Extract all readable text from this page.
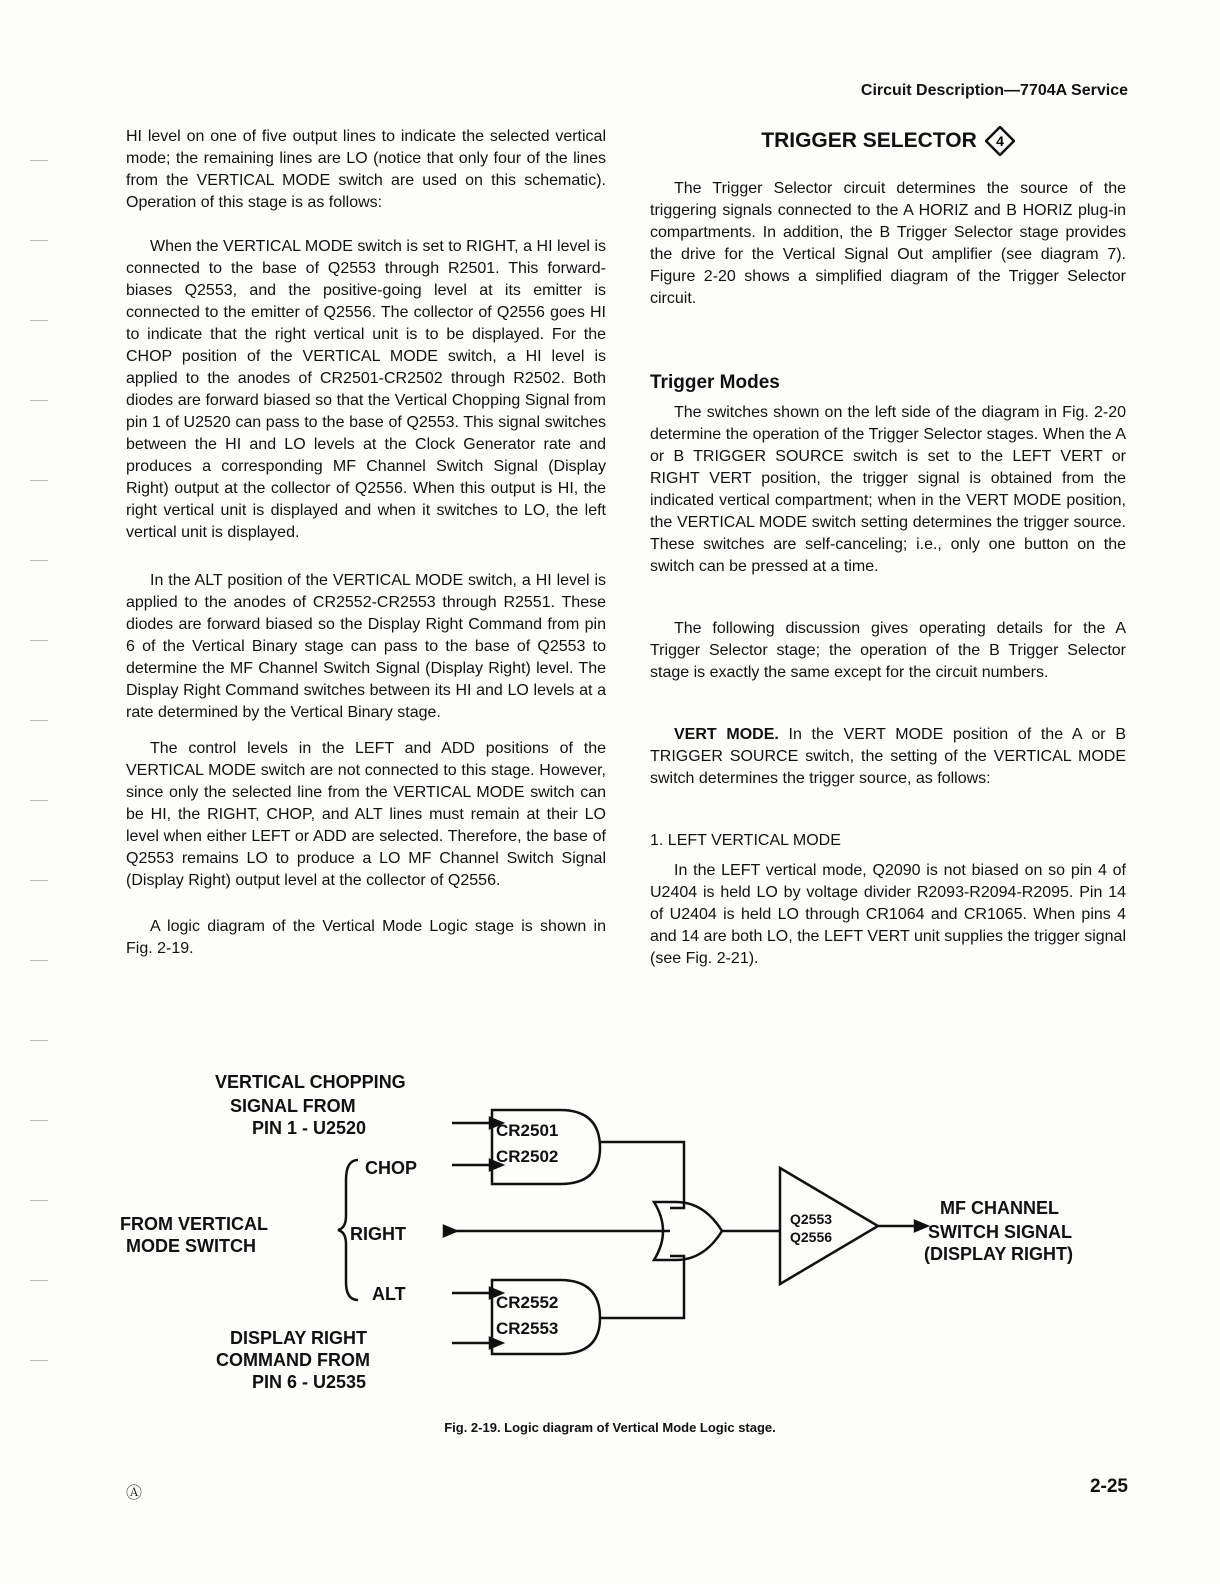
Circuit Description—7704A Service

HI level on one of five output lines to indicate the selected vertical mode; the remaining lines are LO (notice that only four of the lines from the VERTICAL MODE switch are used on this schematic). Operation of this stage is as follows:

When the VERTICAL MODE switch is set to RIGHT, a HI level is connected to the base of Q2553 through R2501. This forward-biases Q2553, and the positive-going level at its emitter is connected to the emitter of Q2556. The collector of Q2556 goes HI to indicate that the right vertical unit is to be displayed. For the CHOP position of the VERTICAL MODE switch, a HI level is applied to the anodes of CR2501-CR2502 through R2502. Both diodes are forward biased so that the Vertical Chopping Signal from pin 1 of U2520 can pass to the base of Q2553. This signal switches between the HI and LO levels at the Clock Generator rate and produces a corresponding MF Channel Switch Signal (Display Right) output at the collector of Q2556. When this output is HI, the right vertical unit is displayed and when it switches to LO, the left vertical unit is displayed.

In the ALT position of the VERTICAL MODE switch, a HI level is applied to the anodes of CR2552-CR2553 through R2551. These diodes are forward biased so the Display Right Command from pin 6 of the Vertical Binary stage can pass to the base of Q2553 to determine the MF Channel Switch Signal (Display Right) level. The Display Right Command switches between its HI and LO levels at a rate determined by the Vertical Binary stage.

The control levels in the LEFT and ADD positions of the VERTICAL MODE switch are not connected to this stage. However, since only the selected line from the VERTICAL MODE switch can be HI, the RIGHT, CHOP, and ALT lines must remain at their LO level when either LEFT or ADD are selected. Therefore, the base of Q2553 remains LO to produce a LO MF Channel Switch Signal (Display Right) output level at the collector of Q2556.

A logic diagram of the Vertical Mode Logic stage is shown in Fig. 2-19.

TRIGGER SELECTOR 4

The Trigger Selector circuit determines the source of the triggering signals connected to the A HORIZ and B HORIZ plug-in compartments. In addition, the B Trigger Selector stage provides the drive for the Vertical Signal Out amplifier (see diagram 7). Figure 2-20 shows a simplified diagram of the Trigger Selector circuit.

Trigger Modes

The switches shown on the left side of the diagram in Fig. 2-20 determine the operation of the Trigger Selector stages. When the A or B TRIGGER SOURCE switch is set to the LEFT VERT or RIGHT VERT position, the trigger signal is obtained from the indicated vertical compartment; when in the VERT MODE position, the VERTICAL MODE switch setting determines the trigger source. These switches are self-canceling; i.e., only one button on the switch can be pressed at a time.

The following discussion gives operating details for the A Trigger Selector stage; the operation of the B Trigger Selector stage is exactly the same except for the circuit numbers.

VERT MODE. In the VERT MODE position of the A or B TRIGGER SOURCE switch, the setting of the VERTICAL MODE switch determines the trigger source, as follows:

1. LEFT VERTICAL MODE

In the LEFT vertical mode, Q2090 is not biased on so pin 4 of U2404 is held LO by voltage divider R2093-R2094-R2095. Pin 14 of U2404 is held LO through CR1064 and CR1065. When pins 4 and 14 are both LO, the LEFT VERT unit supplies the trigger signal (see Fig. 2-21).

VERTICAL CHOPPING
SIGNAL FROM
PIN 1 - U2520
CHOP
RIGHT
ALT
FROM VERTICAL
MODE SWITCH
DISPLAY RIGHT
COMMAND FROM
PIN 6 - U2535
MF CHANNEL
SWITCH SIGNAL
(DISPLAY RIGHT)
CR2501
CR2502
CR2552
CR2553
Q2553
Q2556
Fig. 2-19. Logic diagram of Vertical Mode Logic stage.
Ⓐ	2-25
